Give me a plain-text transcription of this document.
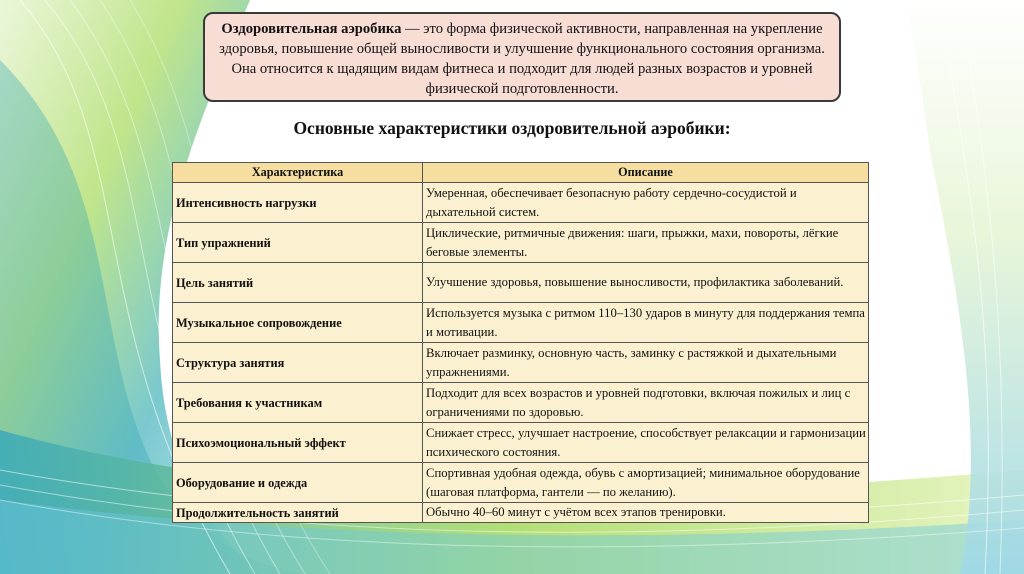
Оздоровительная аэробика — это форма физической активности, направленная на укрепление здоровья, повышение общей выносливости и улучшение функционального состояния организма. Она относится к щадящим видам фитнеса и подходит для людей разных возрастов и уровней физической подготовленности.
Основные характеристики оздоровительной аэробики:
Характеристика	Описание
Интенсивность нагрузки	Умеренная, обеспечивает безопасную работу сердечно-сосудистой и дыхательной систем.
Тип упражнений	Циклические, ритмичные движения: шаги, прыжки, махи, повороты, лёгкие беговые элементы.
Цель занятий	Улучшение здоровья, повышение выносливости, профилактика заболеваний.
Музыкальное сопровождение	Используется музыка с ритмом 110–130 ударов в минуту для поддержания темпа и мотивации.
Структура занятия	Включает разминку, основную часть, заминку с растяжкой и дыхательными упражнениями.
Требования к участникам	Подходит для всех возрастов и уровней подготовки, включая пожилых и лиц с ограничениями по здоровью.
Психоэмоциональный эффект	Снижает стресс, улучшает настроение, способствует релаксации и гармонизации психического состояния.
Оборудование и одежда	Спортивная удобная одежда, обувь с амортизацией; минимальное оборудование (шаговая платформа, гантели — по желанию).
Продолжительность занятий	Обычно 40–60 минут с учётом всех этапов тренировки.
